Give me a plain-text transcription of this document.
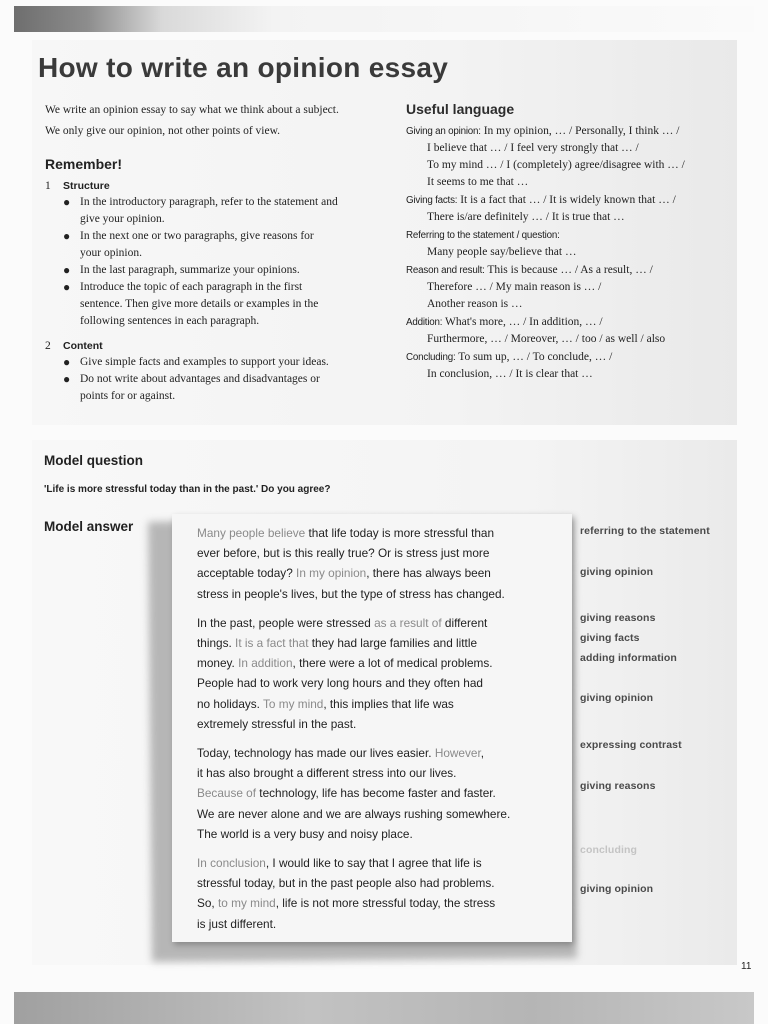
How to write an opinion essay

We write an opinion essay to say what we think about a subject.

We only give our opinion, not other points of view.

Remember!
1 Structure
● In the introductory paragraph, refer to the statement and
give your opinion.
● In the next one or two paragraphs, give reasons for
your opinion.
● In the last paragraph, summarize your opinions.
● Introduce the topic of each paragraph in the first
sentence. Then give more details or examples in the
following sentences in each paragraph.
2 Content
● Give simple facts and examples to support your ideas.
● Do not write about advantages and disadvantages or
points for or against.
Useful language
Giving an opinion: In my opinion, … / Personally, I think … /
I believe that … / I feel very strongly that … /
To my mind … / I (completely) agree/disagree with … /
It seems to me that …
Giving facts: It is a fact that … / It is widely known that … /
There is/are definitely … / It is true that …
Referring to the statement / question:
Many people say/believe that …
Reason and result: This is because … / As a result, … /
Therefore … / My main reason is … /
Another reason is …
Addition: What's more, … / In addition, … /
Furthermore, … / Moreover, … / too / as well / also
Concluding: To sum up, … / To conclude, … /
In conclusion, … / It is clear that …
Model question
'Life is more stressful today than in the past.' Do you agree?
Model answer	Many people believe that life today is more stressful than
ever before, but is this really true? Or is stress just more
acceptable today? In my opinion, there has always been
stress in people's lives, but the type of stress has changed.
In the past, people were stressed as a result of different
things. It is a fact that they had large families and little
money. In addition, there were a lot of medical problems.
People had to work very long hours and they often had
no holidays. To my mind, this implies that life was
extremely stressful in the past.
Today, technology has made our lives easier. However,
it has also brought a different stress into our lives.
Because of technology, life has become faster and faster.
We are never alone and we are always rushing somewhere.
The world is a very busy and noisy place.
In conclusion, I would like to say that I agree that life is
stressful today, but in the past people also had problems.
So, to my mind, life is not more stressful today, the stress
is just different.
referring to the statement
giving opinion
giving reasons
giving facts
adding information
giving opinion
expressing contrast
giving reasons
concluding
giving opinion
11
